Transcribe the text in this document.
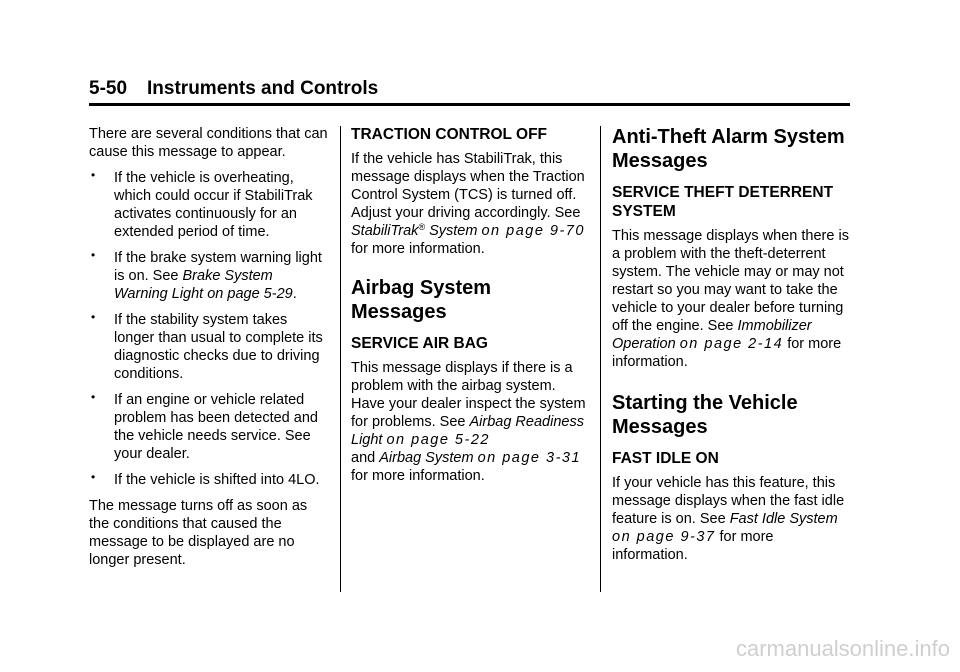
5-50 Instruments and Controls

There are several conditions that can cause this message to appear.

• If the vehicle is overheating, which could occur if StabiliTrak activates continuously for an extended period of time.
• If the brake system warning light is on. See Brake System Warning Light on page 5-29.
• If the stability system takes longer than usual to complete its diagnostic checks due to driving conditions.
• If an engine or vehicle related problem has been detected and the vehicle needs service. See your dealer.
• If the vehicle is shifted into 4LO.

The message turns off as soon as the conditions that caused the message to be displayed are no longer present.

TRACTION CONTROL OFF

If the vehicle has StabiliTrak, this message displays when the Traction Control System (TCS) is turned off. Adjust your driving accordingly. See StabiliTrak® System on page 9-70
for more information.

Airbag System Messages
SERVICE AIR BAG

This message displays if there is a problem with the airbag system. Have your dealer inspect the system for problems. See Airbag Readiness Light on page 5-22
and Airbag System on page 3-31
for more information.

Anti-Theft Alarm System Messages
SERVICE THEFT DETERRENT SYSTEM

This message displays when there is a problem with the theft-deterrent system. The vehicle may or may not restart so you may want to take the vehicle to your dealer before turning off the engine. See Immobilizer Operation on page 2-14 for more information.

Starting the Vehicle Messages
FAST IDLE ON

If your vehicle has this feature, this message displays when the fast idle feature is on. See Fast Idle System on page 9-37 for more information.

carmanualsonline.info
